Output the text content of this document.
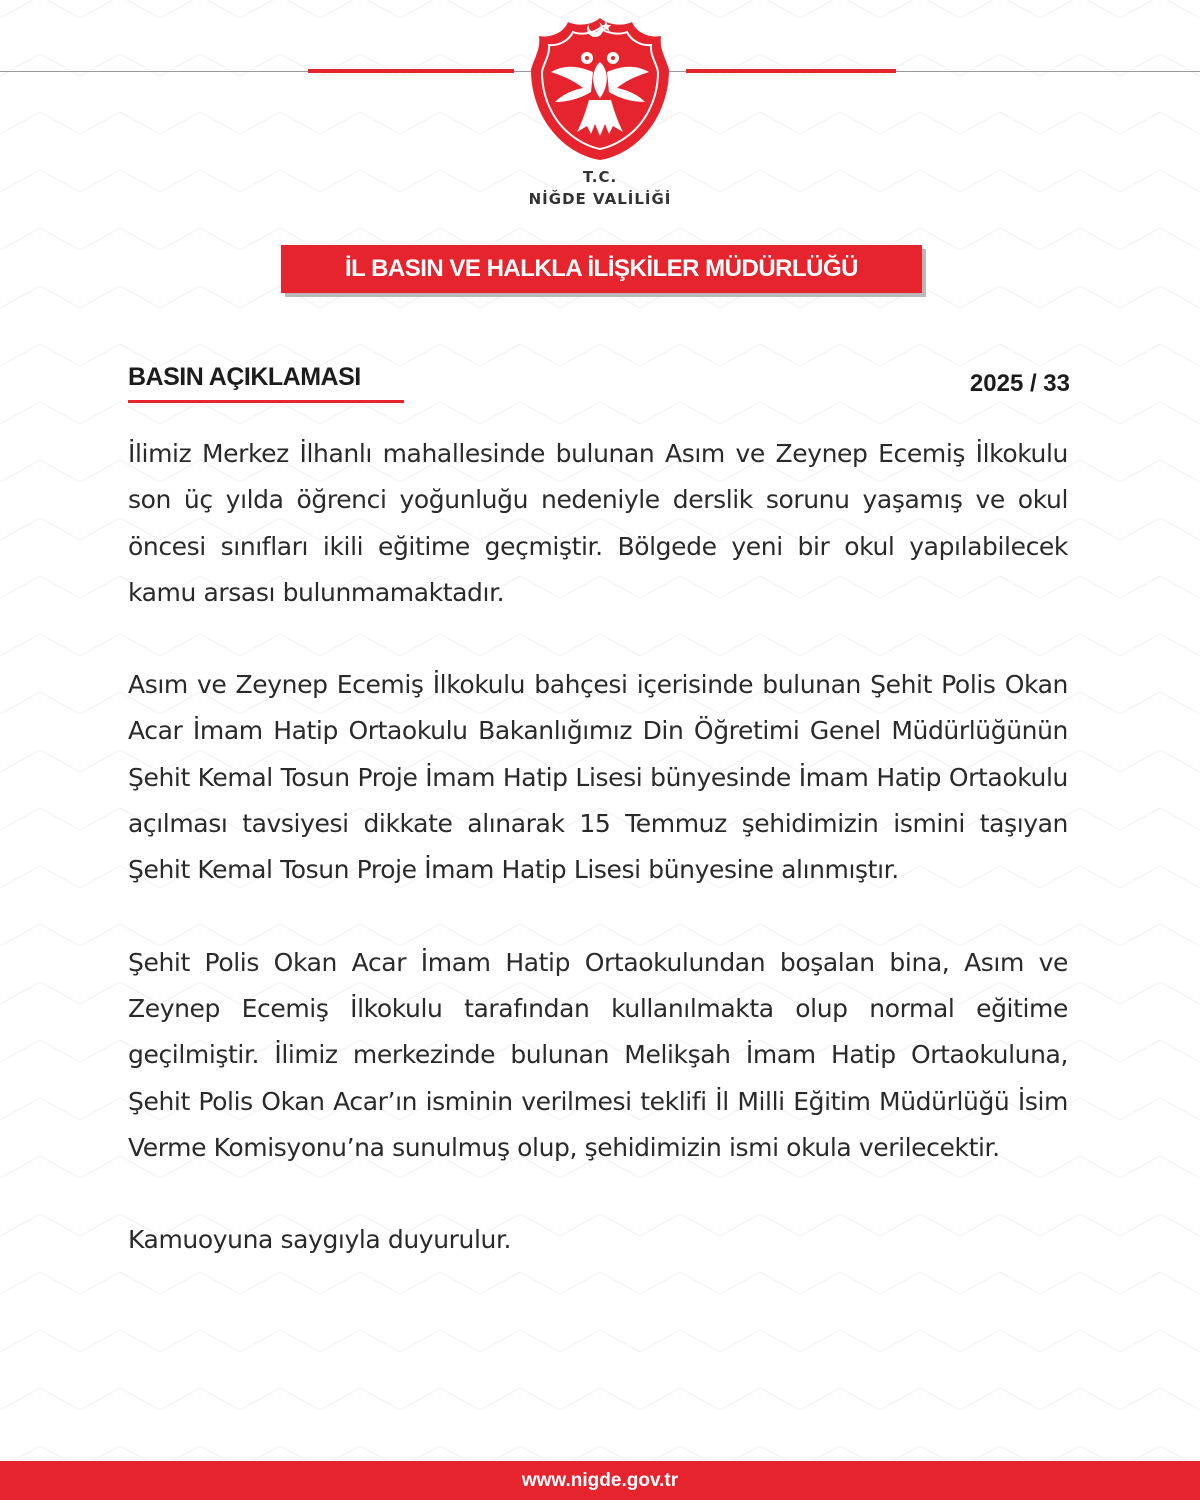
T.C.
NİĞDE VALİLİĞİ
İL BASIN VE HALKLA İLİŞKİLER MÜDÜRLÜĞÜ
BASIN AÇIKLAMASI	2025 / 33

İlimiz Merkez İlhanlı mahallesinde bulunan Asım ve Zeynep Ecemiş İlkokulu son üç yılda öğrenci yoğunluğu nedeniyle derslik sorunu yaşamış ve okul öncesi sınıfları ikili eğitime geçmiştir. Bölgede yeni bir okul yapılabilecek kamu arsası bulunmamaktadır.

Asım ve Zeynep Ecemiş İlkokulu bahçesi içerisinde bulunan Şehit Polis Okan Acar İmam Hatip Ortaokulu Bakanlığımız Din Öğretimi Genel Müdürlüğünün Şehit Kemal Tosun Proje İmam Hatip Lisesi bünyesinde İmam Hatip Ortaokulu açılması tavsiyesi dikkate alınarak 15 Temmuz şehidimizin ismini taşıyan Şehit Kemal Tosun Proje İmam Hatip Lisesi bünyesine alınmıştır.

Şehit Polis Okan Acar İmam Hatip Ortaokulundan boşalan bina, Asım ve Zeynep Ecemiş İlkokulu tarafından kullanılmakta olup normal eğitime geçilmiştir. İlimiz merkezinde bulunan Melikşah İmam Hatip Ortaokuluna, Şehit Polis Okan Acar’ın isminin verilmesi teklifi İl Milli Eğitim Müdürlüğü İsim Verme Komisyonu’na sunulmuş olup, şehidimizin ismi okula verilecektir.

Kamuoyuna saygıyla duyurulur.

www.nigde.gov.tr
